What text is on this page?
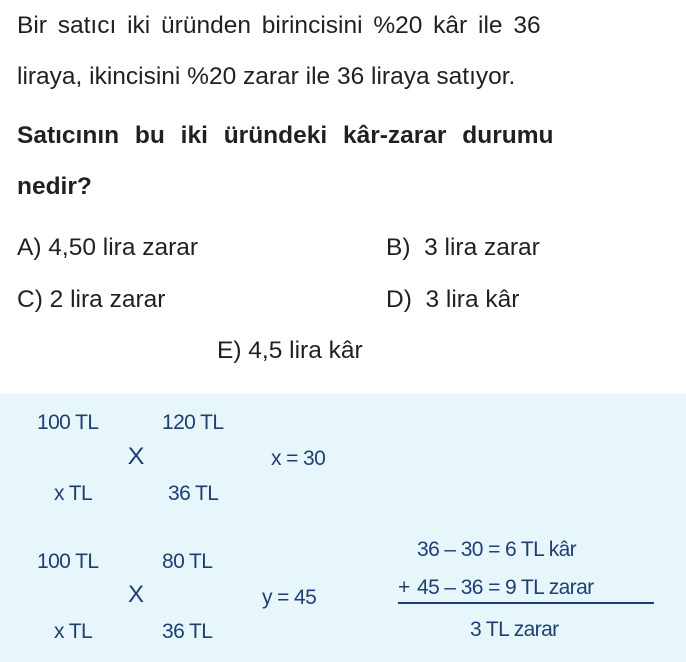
Bir satıcı iki üründen birincisini %20 kâr ile 36
liraya, ikincisini %20 zarar ile 36 liraya satıyor.
Satıcının bu iki üründeki kâr-zarar durumu
nedir?
A) 4,50 lira zarar	B)  3 lira zarar
C) 2 lira zarar	D)  3 lira kâr
E) 4,5 lira kâr
100 TL	120 TL
X	x = 30
x TL	36 TL
100 TL	80 TL
X	y = 45
x TL	36 TL
36 – 30 = 6 TL kâr
+ 45 – 36 = 9 TL zarar
3 TL zarar
